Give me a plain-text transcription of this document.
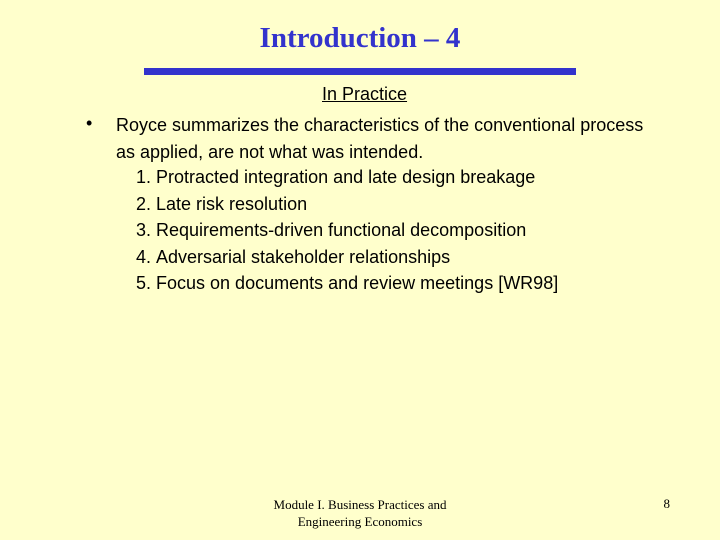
Introduction – 4

In Practice

• Royce summarizes the characteristics of the conventional process as applied, are not what was intended.

1.
Protracted integration and late design breakage
2.
Late risk resolution
3.
Requirements-driven functional decomposition
4.
Adversarial stakeholder relationships
5.
Focus on documents and review meetings [WR98]
Module I. Business Practices and
Engineering Economics
8
